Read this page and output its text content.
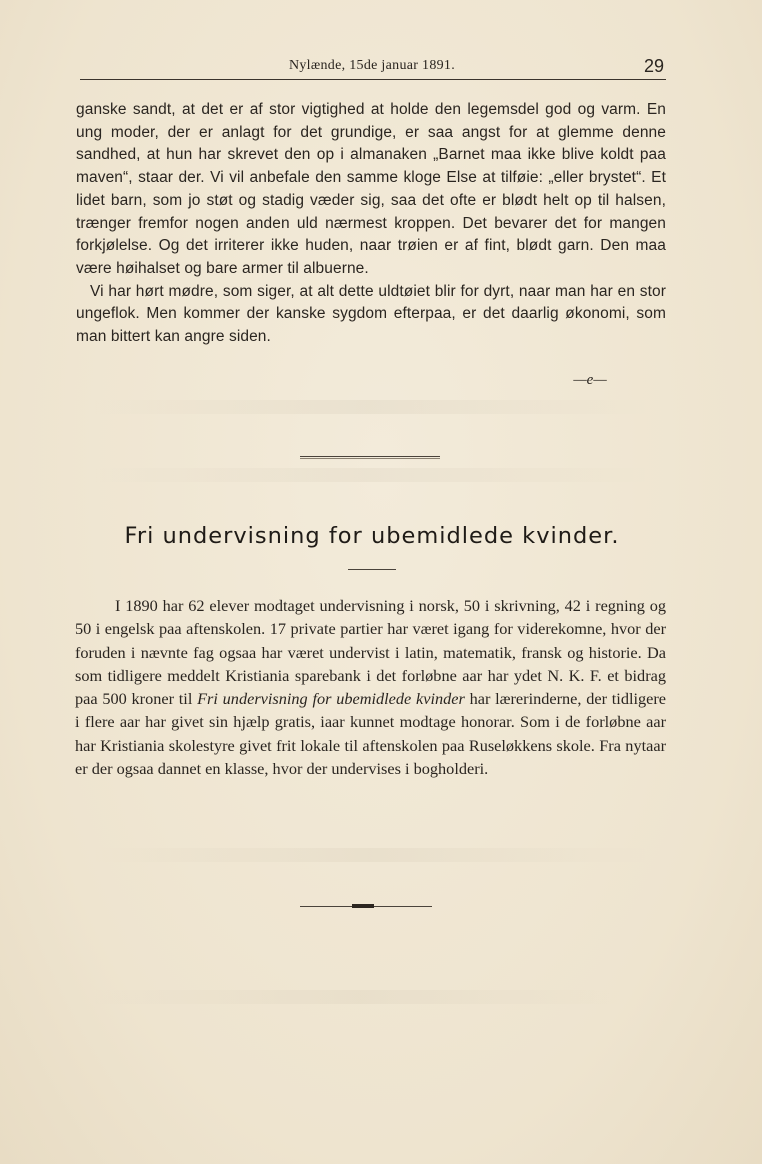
Nylænde, 15de januar 1891.	29

ganske sandt, at det er af stor vigtighed at holde den legemsdel god og varm. En ung moder, der er anlagt for det grundige, er saa angst for at glemme denne sandhed, at hun har skrevet den op i almanaken „Barnet maa ikke blive koldt paa maven“, staar der. Vi vil anbefale den samme kloge Else at tilføie: „eller brystet“. Et lidet barn, som jo støt og stadig væder sig, saa det ofte er blødt helt op til halsen, trænger fremfor nogen anden uld nærmest kroppen. Det bevarer det for mangen forkjølelse. Og det irriterer ikke huden, naar trøien er af fint, blødt garn. Den maa være høihalset og bare armer til albuerne.

Vi har hørt mødre, som siger, at alt dette uldtøiet blir for dyrt, naar man har en stor ungeflok. Men kommer der kanske sygdom efterpaa, er det daarlig økonomi, som man bittert kan angre siden.

—e—
Fri undervisning for ubemidlede kvinder.

I 1890 har 62 elever modtaget undervisning i norsk, 50 i skrivning, 42 i regning og 50 i engelsk paa aftenskolen. 17 private partier har været igang for viderekomne, hvor der foruden i nævnte fag ogsaa har været undervist i latin, matematik, fransk og historie. Da som tidligere meddelt Kristiania sparebank i det forløbne aar har ydet N. K. F. et bidrag paa 500 kroner til Fri undervisning for ubemidlede kvinder har lærerinderne, der tidligere i flere aar har givet sin hjælp gratis, iaar kunnet modtage honorar. Som i de forløbne aar har Kristiania skolestyre givet frit lokale til aftenskolen paa Ruseløkkens skole. Fra nytaar er der ogsaa dannet en klasse, hvor der undervises i bogholderi.
